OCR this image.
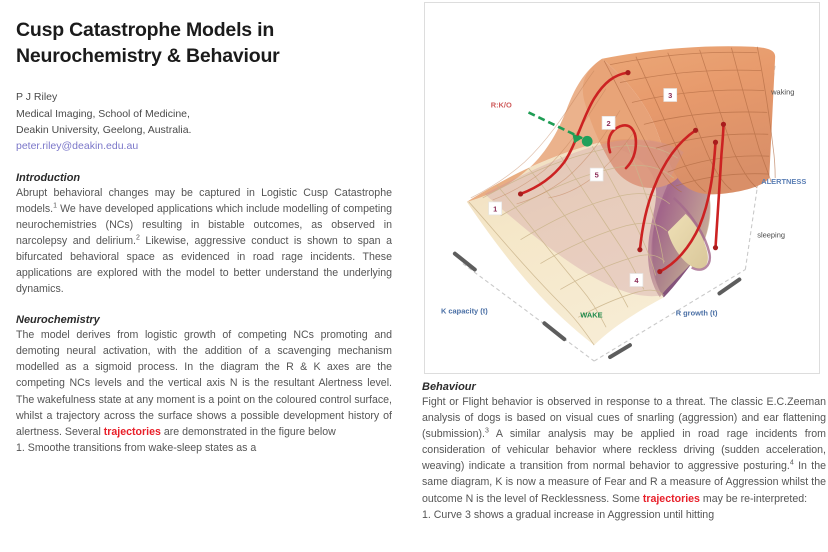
Cusp Catastrophe Models in
Neurochemistry & Behaviour
P J Riley
Medical Imaging, School of Medicine,
Deakin University, Geelong, Australia.
peter.riley@deakin.edu.au
Introduction

Abrupt behavioral changes may be captured in Logistic Cusp Catastrophe models.$^1$ We have developed applications which include modelling of competing neurochemistries (NCs) resulting in bistable outcomes, as observed in narcolepsy and delirium.$^2$ Likewise, aggressive conduct is shown to span a bifurcated behavioral space as evidenced in road rage incidents. These applications are explored with the model to better understand the underlying dynamics.

Neurochemistry

The model derives from logistic growth of competing NCs promoting and demoting neural activation, with the addition of a scavenging mechanism modelled as a sigmoid process. In the diagram the R & K axes are the competing NCs levels and the vertical axis N is the resultant Alertness level. The wakefulness state at any moment is a point on the coloured control surface, whilst a trajectory across the surface shows a possible development history of alertness. Several trajectories are demonstrated in the figure below

1. Smoothe transitions from wake-sleep states as a

R:K/O
1
2
3
4
5
K capacity (t)	R growth (t)
WAKE
ALERTNESS
waking
sleeping
Behaviour

Fight or Flight behavior is observed in response to a threat. The classic E.C.Zeeman analysis of dogs is based on visual cues of snarling (aggression) and ear flattening (submission).$^3$ A similar analysis may be applied in road rage incidents from consideration of vehicular behavior where reckless driving (sudden acceleration, weaving) indicate a transition from normal behavior to aggressive posturing.$^4$ In the same diagram, K is now a measure of Fear and R a measure of Aggression whilst the outcome N is the level of Recklessness. Some trajectories may be re-interpreted:

1. Curve 3 shows a gradual increase in Aggression until hitting
